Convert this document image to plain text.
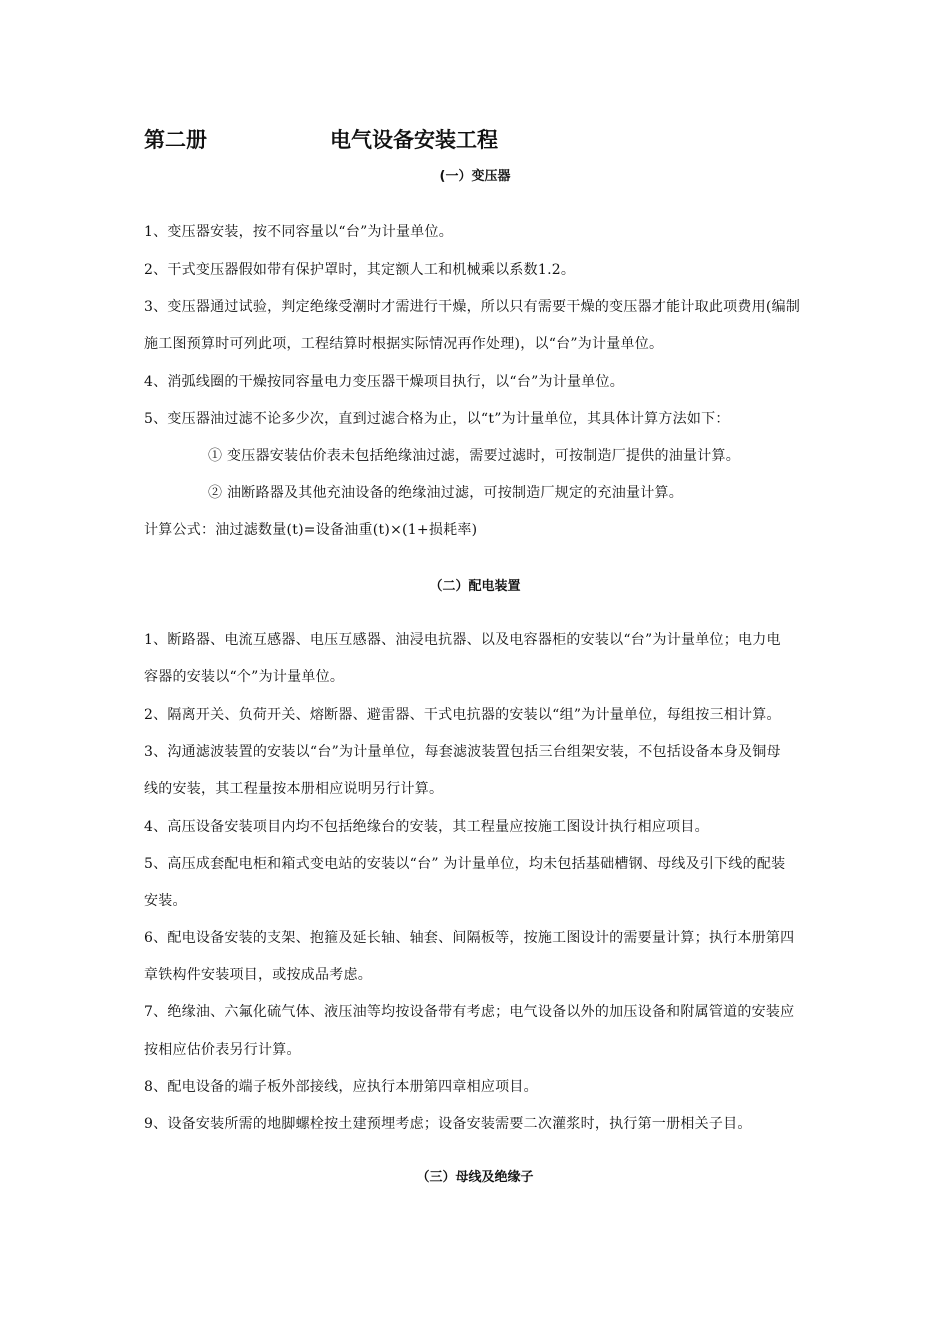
第二册	电气设备安装工程
(一）变压器
1、变压器安装，按不同容量以“台”为计量单位。
2、干式变压器假如带有保护罩时，其定额人工和机械乘以系数1.2。
3、变压器通过试验，判定绝缘受潮时才需进行干燥，所以只有需要干燥的变压器才能计取此项费用(编制
施工图预算时可列此项，工程结算时根据实际情况再作处理)，以“台”为计量单位。
4、消弧线圈的干燥按同容量电力变压器干燥项目执行，以“台”为计量单位。
5、变压器油过滤不论多少次，直到过滤合格为止，以“t”为计量单位，其具体计算方法如下：
① 变压器安装估价表未包括绝缘油过滤，需要过滤时，可按制造厂提供的油量计算。
② 油断路器及其他充油设备的绝缘油过滤，可按制造厂规定的充油量计算。
计算公式：油过滤数量(t)=设备油重(t)×(1+损耗率)
（二）配电装置
1、断路器、电流互感器、电压互感器、油浸电抗器、以及电容器柜的安装以“台”为计量单位；电力电
容器的安装以“个”为计量单位。
2、隔离开关、负荷开关、熔断器、避雷器、干式电抗器的安装以“组”为计量单位，每组按三相计算。
3、沟通滤波装置的安装以“台”为计量单位，每套滤波装置包括三台组架安装，不包括设备本身及铜母
线的安装，其工程量按本册相应说明另行计算。
4、高压设备安装项目内均不包括绝缘台的安装，其工程量应按施工图设计执行相应项目。
5、高压成套配电柜和箱式变电站的安装以“台” 为计量单位，均未包括基础槽钢、母线及引下线的配装
安装。
6、配电设备安装的支架、抱箍及延长轴、轴套、间隔板等，按施工图设计的需要量计算；执行本册第四
章铁构件安装项目，或按成品考虑。
7、绝缘油、六氟化硫气体、液压油等均按设备带有考虑；电气设备以外的加压设备和附属管道的安装应
按相应估价表另行计算。
8、配电设备的端子板外部接线，应执行本册第四章相应项目。
9、设备安装所需的地脚螺栓按土建预埋考虑；设备安装需要二次灌浆时，执行第一册相关子目。
（三）母线及绝缘子
